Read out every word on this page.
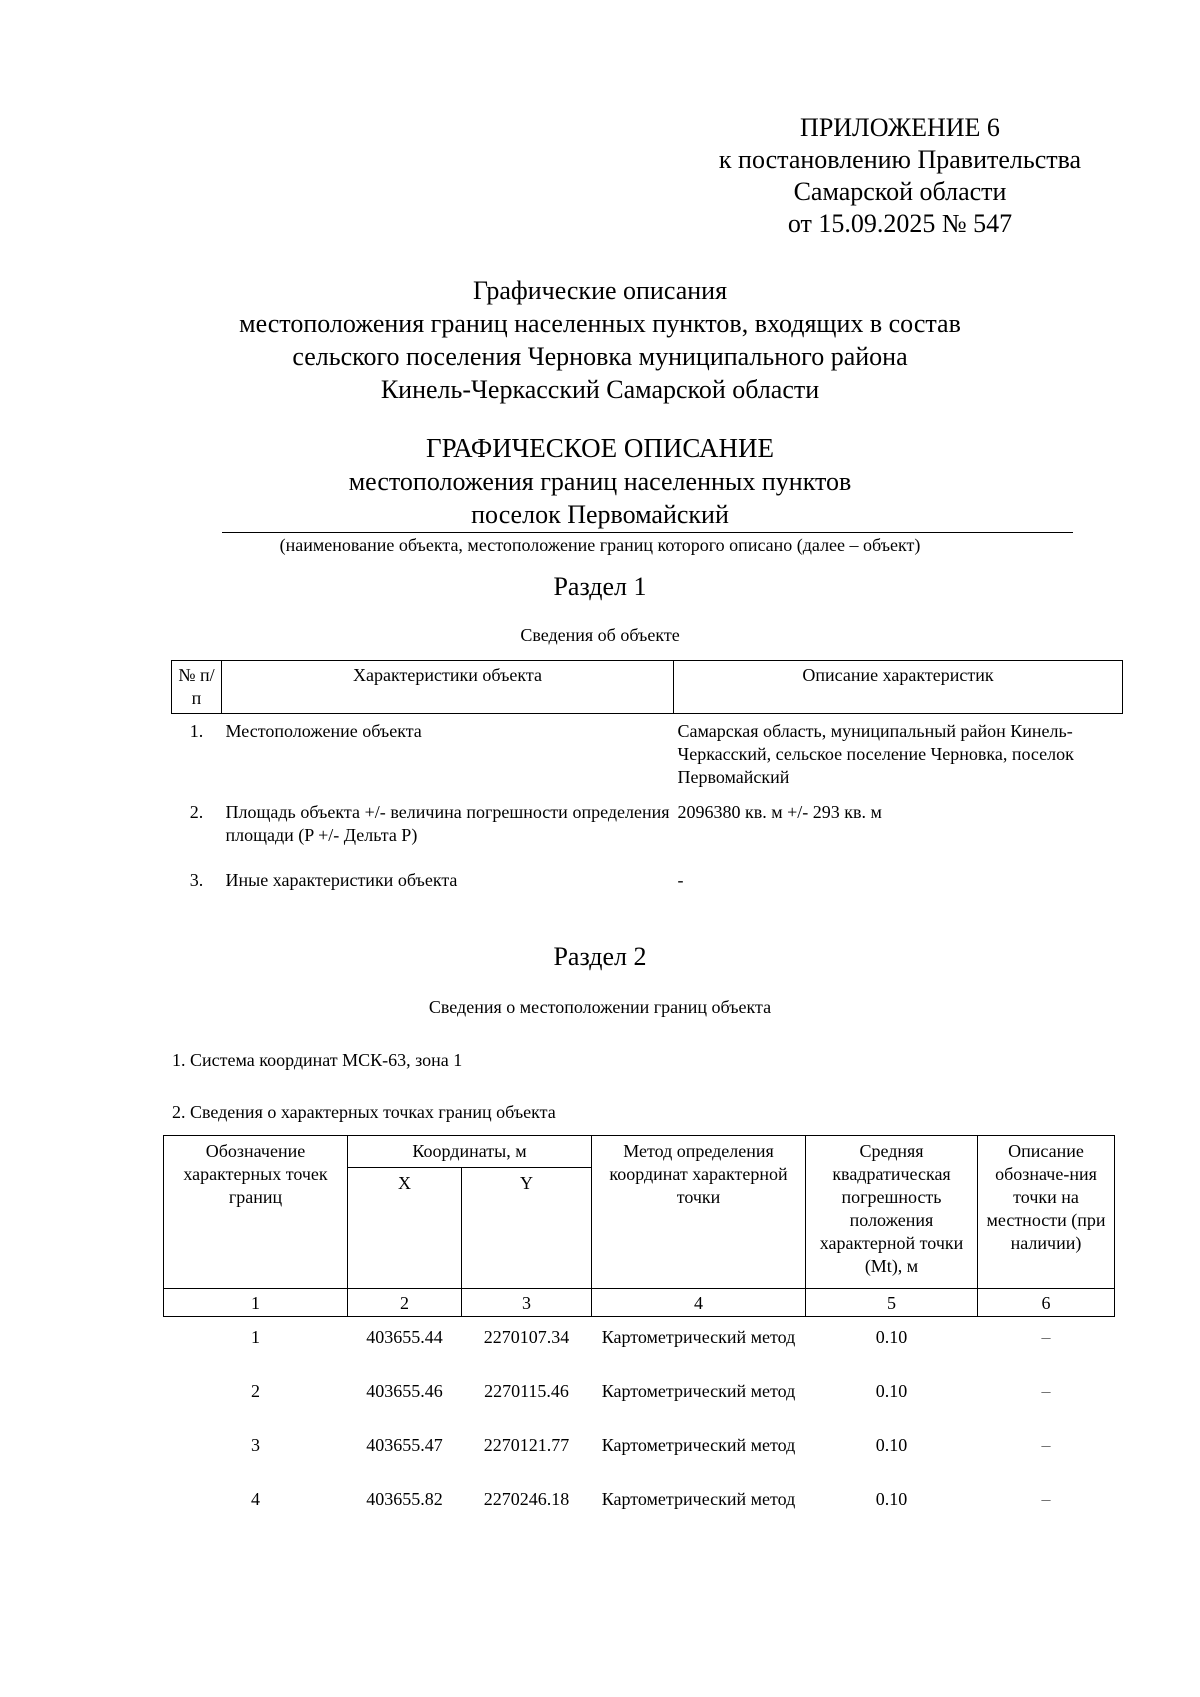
ПРИЛОЖЕНИЕ 6
к постановлению Правительства
Самарской области
от 15.09.2025 № 547
Графические описания
местоположения границ населенных пунктов, входящих в состав
сельского поселения Черновка муниципального района
Кинель-Черкасский Самарской области
ГРАФИЧЕСКОЕ ОПИСАНИЕ
местоположения границ населенных пунктов
поселок Первомайский
(наименование объекта, местоположение границ которого описано (далее – объект)
Раздел 1
Сведения об объекте
№ п/п	Характеристики объекта	Описание характеристик
1.	Местоположение объекта	Самарская область, муниципальный район Кинель-Черкасский, сельское поселение Черновка, поселок Первомайский
2.	Площадь объекта +/- величина погрешности определения площади (P +/- Дельта P)	2096380 кв. м +/- 293 кв. м
3.	Иные характеристики объекта	-
Раздел 2
Сведения о местоположении границ объекта
1. Система координат МСК-63, зона 1
2. Сведения о характерных точках границ объекта
Обозначение характерных точек границ	Координаты, м		Метод определения координат характерной точки	Средняя квадратическая погрешность положения характерной точки (Mt), м	Описание обозначе-ния точки на местности (при наличии)
	X	Y			
1	2	3	4	5	6
1	403655.44	2270107.34	Картометрический метод	0.10	–
2	403655.46	2270115.46	Картометрический метод	0.10	–
3	403655.47	2270121.77	Картометрический метод	0.10	–
4	403655.82	2270246.18	Картометрический метод	0.10	–
